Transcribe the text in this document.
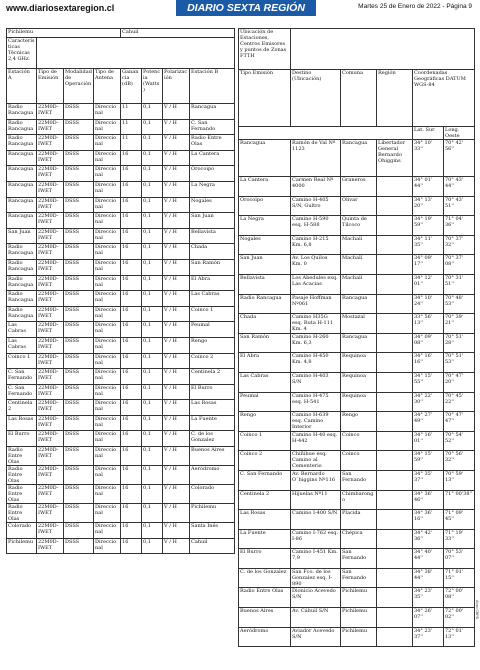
www.diariosextaregion.cl	DIARIO SEXTA REGIÓN	Martes 25 de Enero de 2022 - Página 9
Pichilemu				Cahuil			
Características Técnicas 2,4 GHz.							
Estación A	Tipo de Emisión	Modalidad de Operación	Tipo de Antena	Ganancia (dB)	Potencia (Watts)	Polarización	Estación B
Radio Rancagua	22M0D-IWET	DSSS	Direccional	11	0,1	V / H	Rancagua
Radio Rancagua	22M0D-IWET	DSSS	Direccional	11	0,1	V / H	C. San Fernando
Radio Rancagua	22M0D-IWET	DSSS	Direccional	11	0,1	V / H	Radio Entre Olas
Rancagua	22M0D-IWET	DSSS	Direccional	16	0,1	V / H	La Cantera
Rancagua	22M0D-IWET	DSSS	Direccional	16	0,1	V / H	Orocoipo
Rancagua	22M0D-IWET	DSSS	Direccional	16	0,1	V / H	La Negra
Rancagua	22M0D-IWET	DSSS	Direccional	16	0,1	V / H	Nogales
Rancagua	22M0D-IWET	DSSS	Direccional	16	0,1	V / H	San Juan
San Juan	22M0D-IWET	DSSS	Direccional	16	0,1	V / H	Bellavista
Radio Rancagua	22M0D-IWET	DSSS	Direccional	16	0,1	V / H	Chada
Radio Rancagua	22M0D-IWET	DSSS	Direccional	16	0,1	V / H	San Ramón
Radio Rancagua	22M0D-IWET	DSSS	Direccional	16	0,1	V / H	El Abra
Radio Rancagua	22M0D-IWET	DSSS	Direccional	16	0,1	V / H	Las Cabras
Radio Rancagua	22M0D-IWET	DSSS	Direccional	16	0,1	V / H	Coinco 1
Las Cabras	22M0D-IWET	DSSS	Direccional	16	0,1	V / H	Peumal
Las Cabras	22M0D-IWET	DSSS	Direccional	16	0,1	V / H	Rengo
Coinco 1	22M0D-IWET	DSSS	Direccional	16	0,1	V / H	Coinco 2
C. San Fernando	22M0D-IWET	DSSS	Direccional	16	0,1	V / H	Centinela 2
C. San Fernando	22M0D-IWET	DSSS	Direccional	16	0,1	V / H	El Burro
Centinela 2	22M0D-IWET	DSSS	Direccional	16	0,1	V / H	Las Rosas
Las Rosas	22M0D-IWET	DSSS	Direccional	16	0,1	V / H	La Fuente
El Burro	22M0D-IWET	DSSS	Direccional	16	0,1	V / H	C. de los Gonzalez
Radio Entre Olas	22M0D-IWET	DSSS	Direccional	16	0,1	V / H	Buenos Aires
Radio Entre Olas	22M0D-IWET	DSSS	Direccional	16	0,1	V / H	Aeródromo
Radio Entre Olas	22M0D-IWET	DSSS	Direccional	16	0,1	V / H	Colorado
Radio Entre Olas	22M0D-IWET	DSSS	Direccional	16	0,1	V / H	Pichilemu
Colorado	22M0D-IWET	DSSS	Direccional	16	0,1	V / H	Santa Inés
Pichilemu	22M0D-IWET	DSSS	Direccional	16	0,1	V / H	Cahuil
Ubicación de Estaciones, Centros Emisores y puntos de Zonas FTTH					
Tipo Emisión	Destino (Ubicación)	Comuna	Región	Coordenadas Geográficas DATUM WGS-84	
				Lat. Sur	Long. Oeste
Rancagua	Ramón de Val Nº 1123	Rancagua	Libertador General Bernardo Ohiggins	34° 10' 33''	70° 42' 56''
La Cantera	Carmen Real Nº 4000	Graneros		34° 01' 44''	70° 43' 44''
Orocoipo	Camino H-405 S/N, Gultro	Olivar		34° 13' 20''	70° 43' 51''
La Negra	Camino H-590 esq. H-588	Quinta de Tilcoco		34° 19' 59''	71° 04' 36''
Nogales	Camino H-215 Km. 6,8	Machalí		34° 11' 35''	70° 37' 32''
San Juan	Av. Los Quilos Km. 0	Machalí		34° 09' 17''	70° 37' 08''
Bellavista	Los Abedules esq. Las Acacias	Machalí		34° 12' 01''	70° 31' 51''
Radio Rancagua	Pasaje Hoffman Nº061	Rancagua		34° 10' 24''	70° 48' 53''
Chada	Camino H35G esq. Ruta H-111 Km. 4	Mostazal		33° 56' 13''	70° 39' 21''
San Ramón	Camino H-260 Km. 6,3	Rancagua		34° 09' 08''	70° 51' 28''
El Abra	Camino H-450 Km. 4,8	Requinoa		34° 16' 16''	70° 51' 53''
Las Cabras	Camino H-403 S/N	Requinoa		34° 15' 55''	70° 47' 20''
Peumal	Camino H-475 esq. H-541	Requinoa		34° 22' 30''	70° 45' 22''
Rengo	Camino H-639 esq. Camino Interior	Rengo		34° 27' 49''	70° 47' 47''
Coinco 1	Camino H-40 esq. H-442	Coinco		34° 16' 01''	70° 54' 52''
Coinco 2	Chiñihue esq. Camino al Cementerio	Coinco		34° 15' 59''	70° 56' 32''
C. San Fernando	Av. Bernardo O`higgins Nº116	San Fernando		34° 35' 37''	70° 59' 13''
Centinela 2	Hijuelas Nº11	Chimbarongo		34° 36' 46''	71° 00'38''
Las Rosas	Camino I-400 S/N	Placida		34° 36' 16''	71° 09' 45''
La Fuente	Camino I-762 esq. I-86	Chépica		34° 42' 36''	71° 19' 33''
El Burro	Camino I-451 Km. 7,9	San Fernando		34° 40' 44''	70° 53' 07''
C. de los Gonzalez	San Fco. de los Gonzalez esq. I-890	San Fernando		34° 38' 44''	71° 01' 15''
Radio Entre Olas	Dionicio Acevedo S/N	Pichilemu		34° 23' 35''	72° 00' 08''
Buenos Aires	Av. Cáhuil S/N	Pichilemu		34° 26' 07''	72° 00' 02''
Aeródromo	Aviador Acevedo S/N	Pichilemu		34° 23' 37''	72° 01' 13''
Aviso CBPD
